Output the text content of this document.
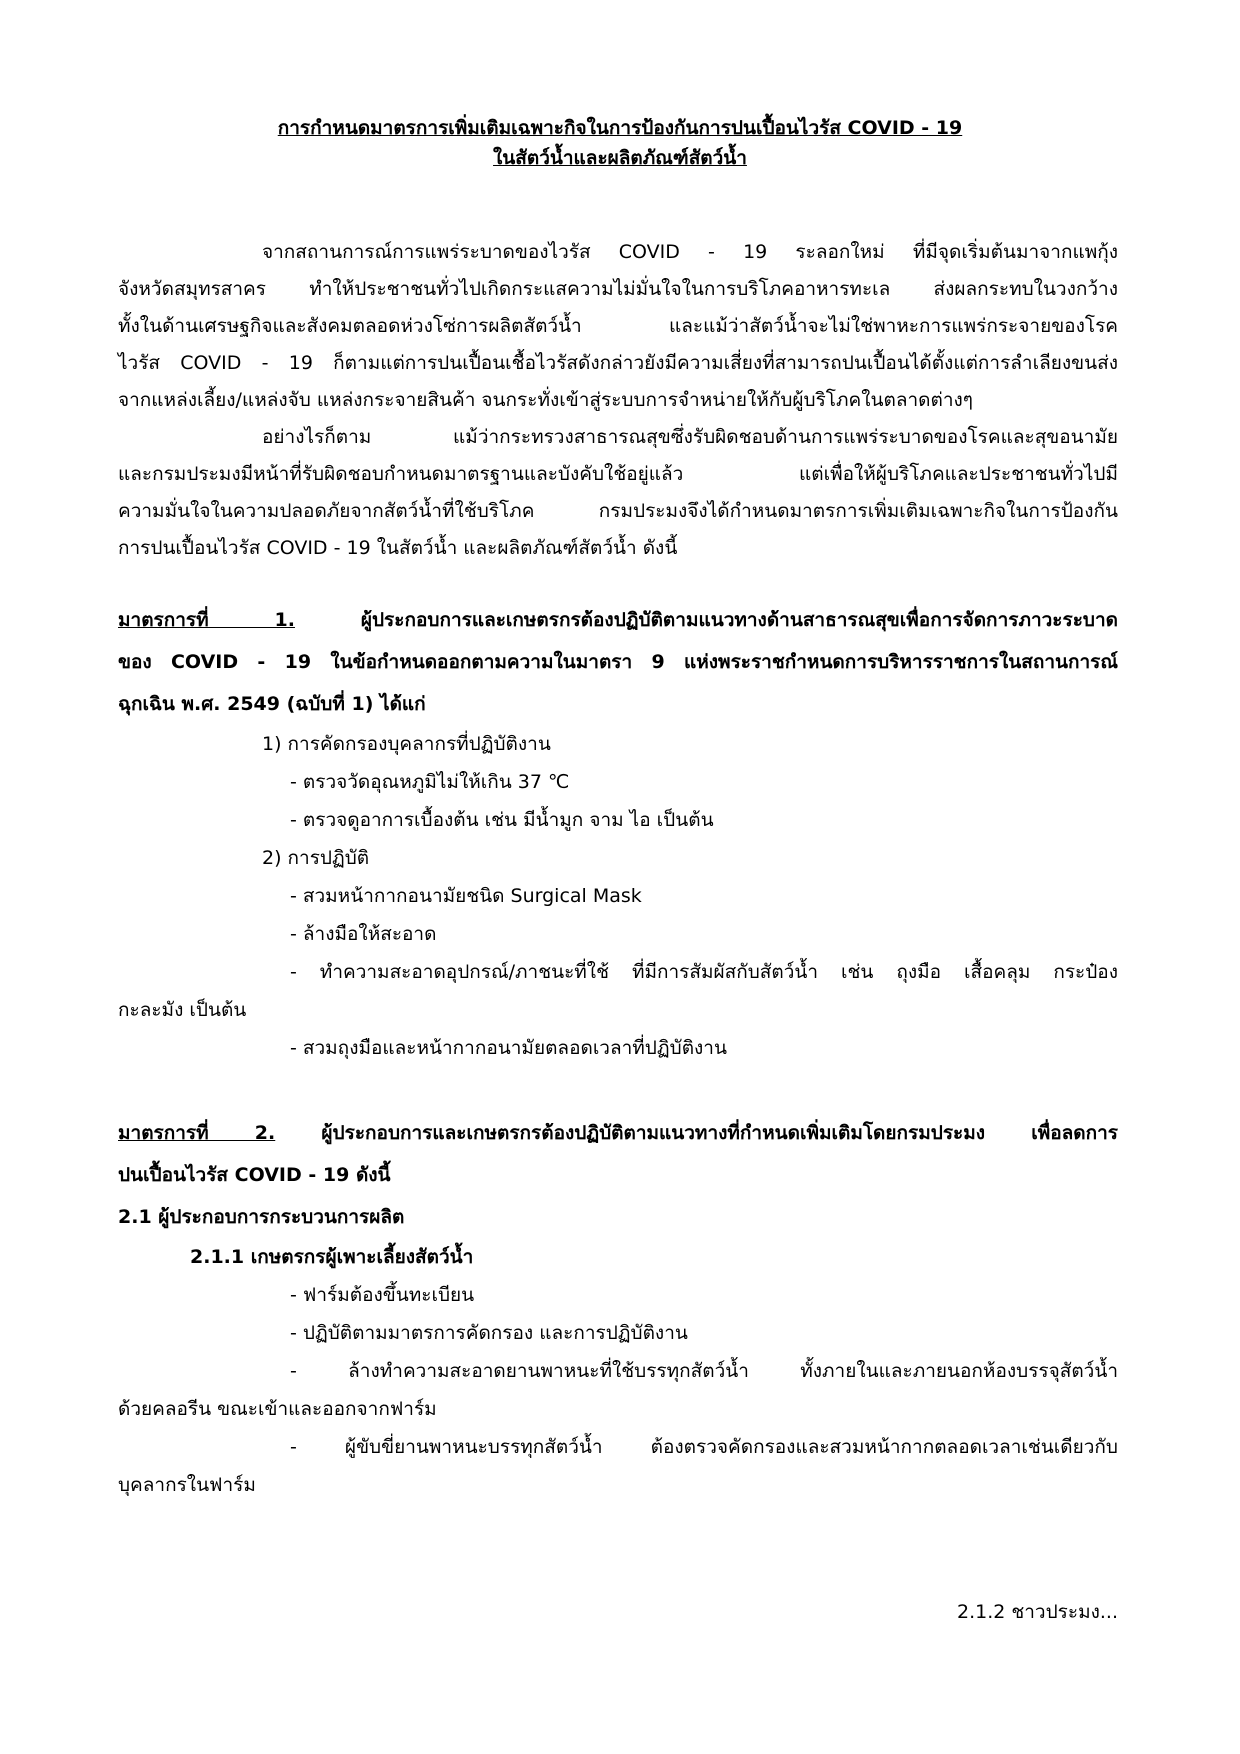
การกำหนดมาตรการเพิ่มเติมเฉพาะกิจในการป้องกันการปนเปื้อนไวรัส COVID - 19
ในสัตว์น้ำและผลิตภัณฑ์สัตว์น้ำ
จากสถานการณ์การแพร่ระบาดของไวรัส COVID - 19 ระลอกใหม่ ที่มีจุดเริ่มต้นมาจากแพกุ้ง
จังหวัดสมุทรสาคร ทำให้ประชาชนทั่วไปเกิดกระแสความไม่มั่นใจในการบริโภคอาหารทะเล ส่งผลกระทบในวงกว้าง
ทั้งในด้านเศรษฐกิจและสังคมตลอดห่วงโซ่การผลิตสัตว์น้ำ และแม้ว่าสัตว์น้ำจะไม่ใช่พาหะการแพร่กระจายของโรค
ไวรัส COVID - 19 ก็ตามแต่การปนเปื้อนเชื้อไวรัสดังกล่าวยังมีความเสี่ยงที่สามารถปนเปื้อนได้ตั้งแต่การลำเลียงขนส่ง
จากแหล่งเลี้ยง/แหล่งจับ แหล่งกระจายสินค้า จนกระทั่งเข้าสู่ระบบการจำหน่ายให้กับผู้บริโภคในตลาดต่างๆ
อย่างไรก็ตาม แม้ว่ากระทรวงสาธารณสุขซึ่งรับผิดชอบด้านการแพร่ระบาดของโรคและสุขอนามัย
และกรมประมงมีหน้าที่รับผิดชอบกำหนดมาตรฐานและบังคับใช้อยู่แล้ว แต่เพื่อให้ผู้บริโภคและประชาชนทั่วไปมี
ความมั่นใจในความปลอดภัยจากสัตว์น้ำที่ใช้บริโภค กรมประมงจึงได้กำหนดมาตรการเพิ่มเติมเฉพาะกิจในการป้องกัน
การปนเปื้อนไวรัส COVID - 19 ในสัตว์น้ำ และผลิตภัณฑ์สัตว์น้ำ ดังนี้
มาตรการที่ 1.	ผู้ประกอบการและเกษตรกรต้องปฏิบัติตามแนวทางด้านสาธารณสุขเพื่อการจัดการภาวะระบาด
ของ COVID - 19 ในข้อกำหนดออกตามความในมาตรา 9 แห่งพระราชกำหนดการบริหารราชการในสถานการณ์
ฉุกเฉิน พ.ศ. 2549 (ฉบับที่ 1) ได้แก่
1) การคัดกรองบุคลากรที่ปฏิบัติงาน
- ตรวจวัดอุณหภูมิไม่ให้เกิน 37 ℃
- ตรวจดูอาการเบื้องต้น เช่น มีน้ำมูก จาม ไอ เป็นต้น
2) การปฏิบัติ
- สวมหน้ากากอนามัยชนิด Surgical Mask
- ล้างมือให้สะอาด
- ทำความสะอาดอุปกรณ์/ภาชนะที่ใช้ ที่มีการสัมผัสกับสัตว์น้ำ เช่น ถุงมือ เสื้อคลุม กระป๋อง
กะละมัง เป็นต้น
- สวมถุงมือและหน้ากากอนามัยตลอดเวลาที่ปฏิบัติงาน
มาตรการที่ 2. ผู้ประกอบการและเกษตรกรต้องปฏิบัติตามแนวทางที่กำหนดเพิ่มเติมโดยกรมประมง เพื่อลดการ
ปนเปื้อนไวรัส COVID - 19 ดังนี้
2.1 ผู้ประกอบการกระบวนการผลิต
2.1.1 เกษตรกรผู้เพาะเลี้ยงสัตว์น้ำ
- ฟาร์มต้องขึ้นทะเบียน
- ปฏิบัติตามมาตรการคัดกรอง และการปฏิบัติงาน
- ล้างทำความสะอาดยานพาหนะที่ใช้บรรทุกสัตว์น้ำ ทั้งภายในและภายนอกห้องบรรจุสัตว์น้ำ
ด้วยคลอรีน ขณะเข้าและออกจากฟาร์ม
- ผู้ขับขี่ยานพาหนะบรรทุกสัตว์น้ำ ต้องตรวจคัดกรองและสวมหน้ากากตลอดเวลาเช่นเดียวกับ
บุคลากรในฟาร์ม
2.1.2 ชาวประมง...
